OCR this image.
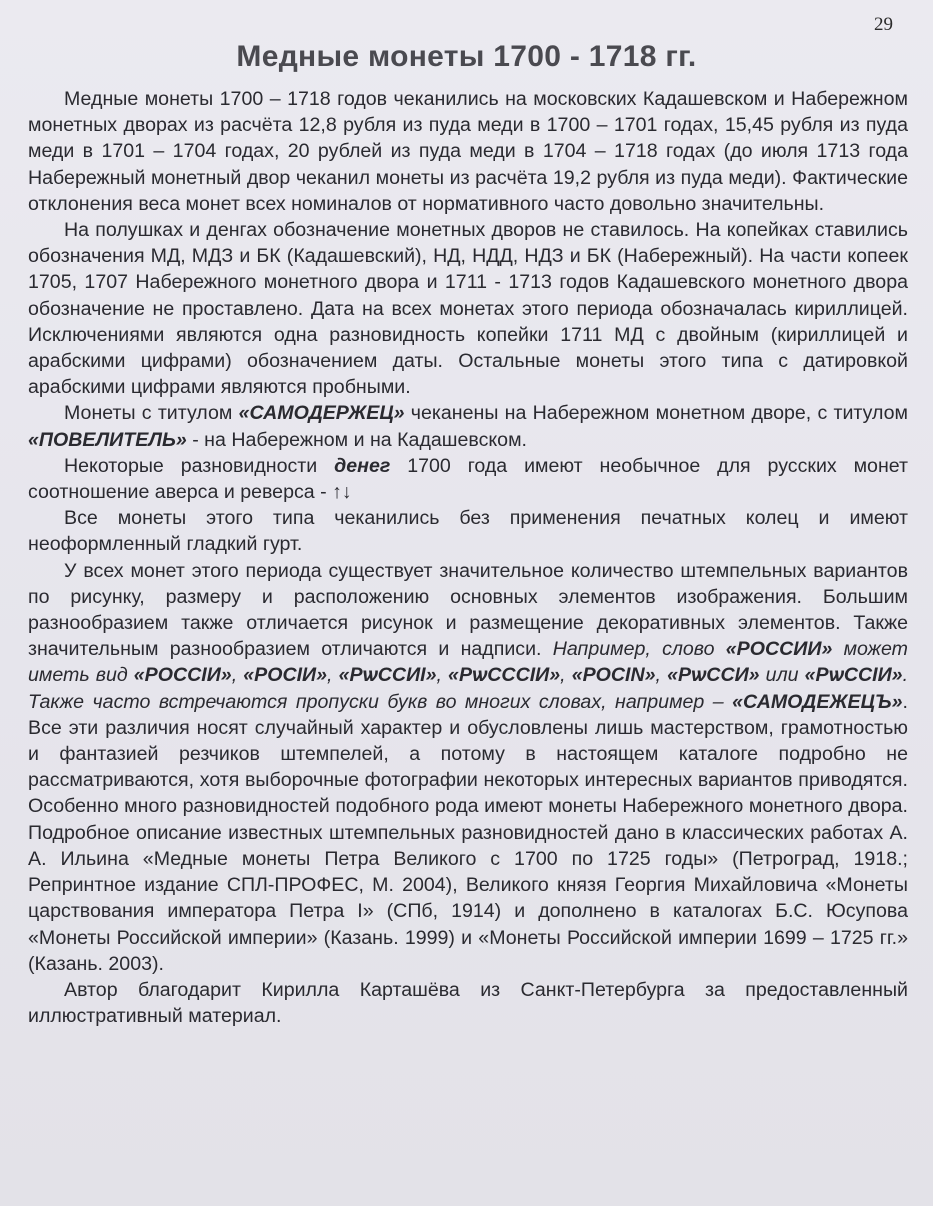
29
Медные монеты 1700 - 1718 гг.

Медные монеты 1700 – 1718 годов чеканились на московских Кадашевском и Набережном монетных дворах из расчёта 12,8 рубля из пуда меди в 1700 – 1701 годах, 15,45 рубля из пуда меди в 1701 – 1704 годах, 20 рублей из пуда меди в 1704 – 1718 годах (до июля 1713 года Набережный монетный двор чеканил монеты из расчёта 19,2 рубля из пуда меди). Фактические отклонения веса монет всех номиналов от нормативного часто довольно значительны.

На полушках и денгах обозначение монетных дворов не ставилось. На копейках ставились обозначения МД, МДЗ и БК (Кадашевский), НД, НДД, НДЗ и БК (Набережный). На части копеек 1705, 1707 Набережного монетного двора и 1711 - 1713 годов Кадашевского монетного двора обозначение не проставлено. Дата на всех монетах этого периода обозначалась кириллицей. Исключениями являются одна разновидность копейки 1711 МД с двойным (кириллицей и арабскими цифрами) обозначением даты. Остальные монеты этого типа с датировкой арабскими цифрами являются пробными.

Монеты с титулом «САМОДЕРЖЕЦ» чеканены на Набережном монетном дворе, с титулом «ПОВЕЛИТЕЛЬ» - на Набережном и на Кадашевском.

Некоторые разновидности денег 1700 года имеют необычное для русских монет соотношение аверса и реверса - ↑↓

Все монеты этого типа чеканились без применения печатных колец и имеют неоформленный гладкий гурт.

У всех монет этого периода существует значительное количество штемпельных вариантов по рисунку, размеру и расположению основных элементов изображения. Большим разнообразием также отличается рисунок и размещение декоративных элементов. Также значительным разнообразием отличаются и надписи. Например, слово «РОССИИ» может иметь вид «РОССIИ», «РОСIИ», «РѡССИI», «РѡСССIИ», «РОСIN», «РѡССИ» или «РѡССIИ». Также часто встречаются пропуски букв во многих словах, например – «САМОДЕЖЕЦЪ». Все эти различия носят случайный характер и обусловлены лишь мастерством, грамотностью и фантазией резчиков штемпелей, а потому в настоящем каталоге подробно не рассматриваются, хотя выборочные фотографии некоторых интересных вариантов приводятся. Особенно много разновидностей подобного рода имеют монеты Набережного монетного двора. Подробное описание известных штемпельных разновидностей дано в классических работах А. А. Ильина «Медные монеты Петра Великого с 1700 по 1725 годы» (Петроград, 1918.; Репринтное издание СПЛ-ПРОФЕС, М. 2004), Великого князя Георгия Михайловича «Монеты царствования императора Петра I» (СПб, 1914) и дополнено в каталогах Б.С. Юсупова «Монеты Российской империи» (Казань. 1999) и «Монеты Российской империи 1699 – 1725 гг.» (Казань. 2003).

Автор благодарит Кирилла Карташёва из Санкт-Петербурга за предоставленный иллюстративный материал.
